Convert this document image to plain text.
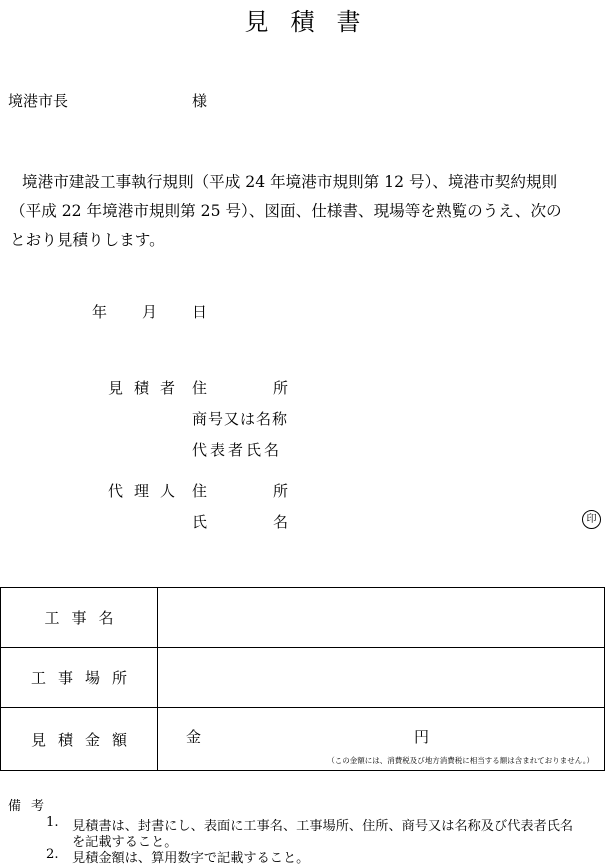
見積書
境港市長	様
境港市建設工事執行規則（平成 24 年境港市規則第 12 号）、境港市契約規則
（平成 22 年境港市規則第 25 号）、図面、仕様書、現場等を熟覧のうえ、次の
とおり見積りします。
年 月 日
見積者 住	所
商号又は名称
代表者氏名
代理人 住	所
氏	名	印
工事名	
工事場所	
見積金額	金 円
（この金額には、消費税及び地方消費税に相当する額は含まれておりません。）
備考
1. 見積書は、封書にし、表面に工事名、工事場所、住所、商号又は名称及び代表者氏名
を記載すること。
2. 見積金額は、算用数字で記載すること。
